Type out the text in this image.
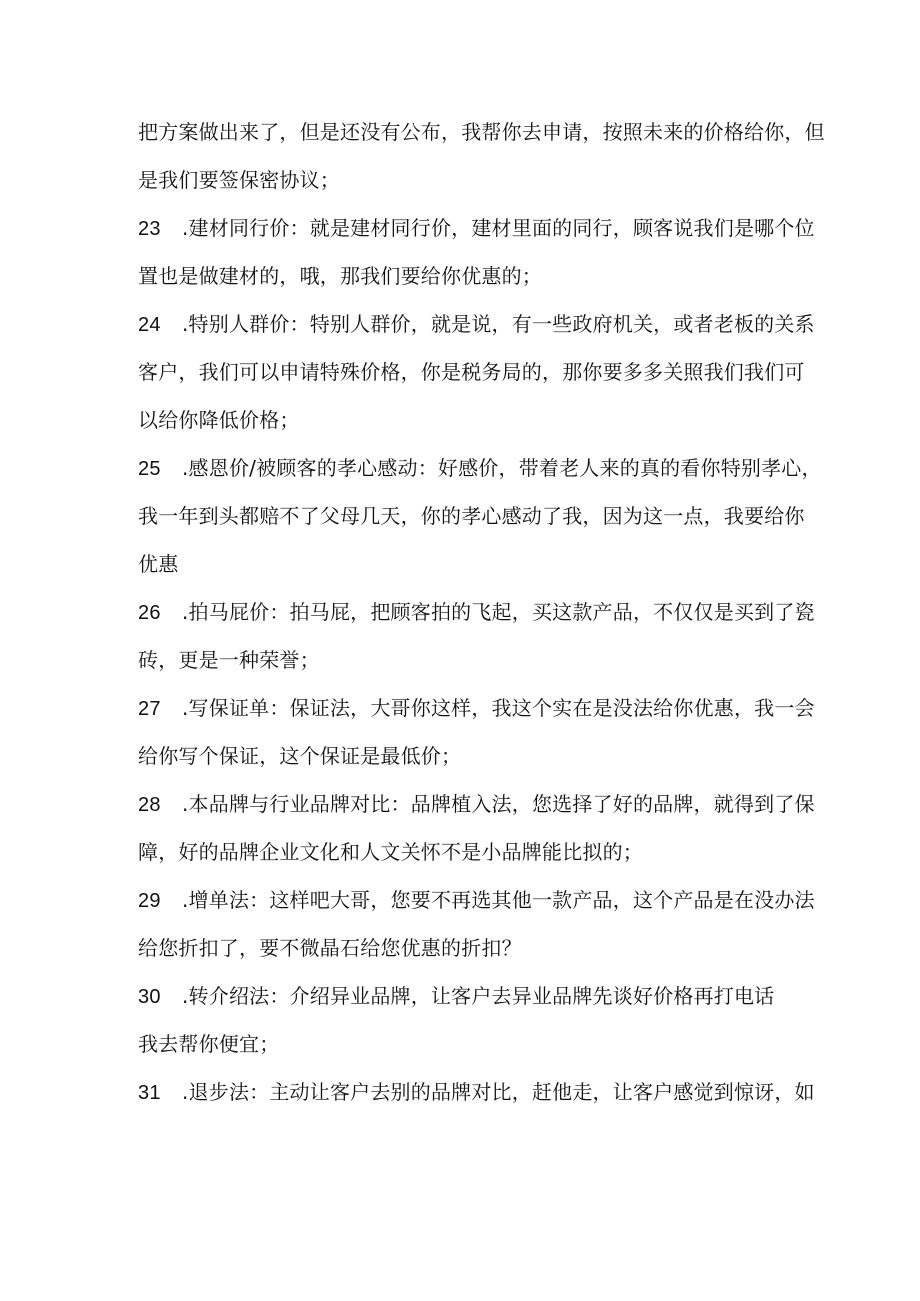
把方案做出来了，但是还没有公布，我帮你去申请，按照未来的价格给你，但
是我们要签保密协议；
23 .建材同行价：就是建材同行价，建材里面的同行，顾客说我们是哪个位
置也是做建材的，哦，那我们要给你优惠的；
24 .特别人群价：特别人群价，就是说，有一些政府机关，或者老板的关系
客户，我们可以申请特殊价格，你是税务局的，那你要多多关照我们我们可
以给你降低价格；
25 .感恩价/被顾客的孝心感动：好感价，带着老人来的真的看你特别孝心，
我一年到头都赔不了父母几天，你的孝心感动了我，因为这一点，我要给你
优惠
26 .拍马屁价：拍马屁，把顾客拍的飞起，买这款产品，不仅仅是买到了瓷
砖，更是一种荣誉；
27 .写保证单：保证法，大哥你这样，我这个实在是没法给你优惠，我一会
给你写个保证，这个保证是最低价；
28 .本品牌与行业品牌对比：品牌植入法，您选择了好的品牌，就得到了保
障，好的品牌企业文化和人文关怀不是小品牌能比拟的；
29 .增单法：这样吧大哥，您要不再选其他一款产品，这个产品是在没办法
给您折扣了，要不微晶石给您优惠的折扣？
30 .转介绍法：介绍异业品牌，让客户去异业品牌先谈好价格再打电话
我去帮你便宜；
31 .退步法：主动让客户去别的品牌对比，赶他走，让客户感觉到惊讶，如
